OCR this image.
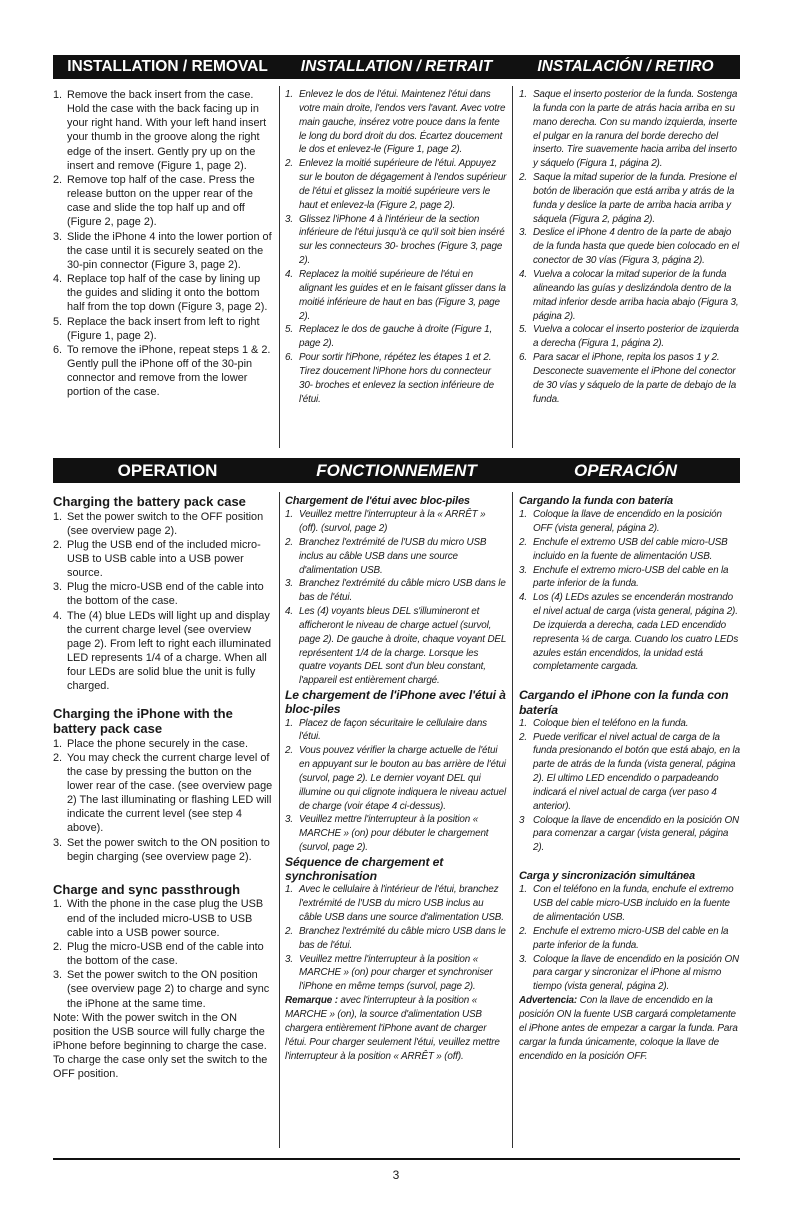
INSTALLATION / REMOVAL	INSTALLATION / RETRAIT	INSTALACIÓN / RETIRO
1. Remove the back insert from the case. Hold the case with the back facing up in your right hand. With your left hand insert your thumb in the groove along the right edge of the insert. Gently pry up on the insert and remove (Figure 1, page 2).
2. Remove top half of the case. Press the release button on the upper rear of the case and slide the top half up and off (Figure 2, page 2).
3. Slide the iPhone 4 into the lower portion of the case until it is securely seated on the 30-pin connector (Figure 3, page 2).
4. Replace top half of the case by lining up the guides and sliding it onto the bottom half from the top down (Figure 3, page 2).
5. Replace the back insert from left to right (Figure 1, page 2).
6. To remove the iPhone, repeat steps 1 & 2. Gently pull the iPhone off of the 30-pin connector and remove from the lower portion of the case.
1. Enlevez le dos de l'étui. Maintenez l'étui dans votre main droite, l'endos vers l'avant. Avec votre main gauche, insérez votre pouce dans la fente le long du bord droit du dos. Écartez doucement le dos et enlevez-le (Figure 1, page 2).
2. Enlevez la moitié supérieure de l'étui. Appuyez sur le bouton de dégagement à l'endos supérieur de l'étui et glissez la moitié supérieure vers le haut et enlevez-la (Figure 2, page 2).
3. Glissez l'iPhone 4 à l'intérieur de la section inférieure de l'étui jusqu'à ce qu'il soit bien inséré sur les connecteurs 30- broches (Figure 3, page 2).
4. Replacez la moitié supérieure de l'étui en alignant les guides et en le faisant glisser dans la moitié inférieure de haut en bas (Figure 3, page 2).
5. Replacez le dos de gauche à droite (Figure 1, page 2).
6. Pour sortir l'iPhone, répétez les étapes 1 et 2. Tirez doucement l'iPhone hors du connecteur 30- broches et enlevez la section inférieure de l'étui.
1. Saque el inserto posterior de la funda. Sostenga la funda con la parte de atrás hacia arriba en su mano derecha. Con su mando izquierda, inserte el pulgar en la ranura del borde derecho del inserto. Tire suavemente hacia arriba del inserto y sáquelo (Figura 1, página 2).
2. Saque la mitad superior de la funda. Presione el botón de liberación que está arriba y atrás de la funda y deslice la parte de arriba hacia arriba y sáquela (Figura 2, página 2).
3. Deslice el iPhone 4 dentro de la parte de abajo de la funda hasta que quede bien colocado en el conector de 30 vías (Figura 3, página 2).
4. Vuelva a colocar la mitad superior de la funda alineando las guías y deslizándola dentro de la mitad inferior desde arriba hacia abajo (Figura 3, página 2).
5. Vuelva a colocar el inserto posterior de izquierda a derecha (Figura 1, página 2).
6. Para sacar el iPhone, repita los pasos 1 y 2. Desconecte suavemente el iPhone del conector de 30 vías y sáquelo de la parte de debajo de la funda.
OPERATION	FONCTIONNEMENT	OPERACIÓN
Charging the battery pack case
1. Set the power switch to the OFF position (see overview page 2).
2. Plug the USB end of the included micro-USB to USB cable into a USB power source.
3. Plug the micro-USB end of the cable into the bottom of the case.
4. The (4) blue LEDs will light up and display the current charge level (see overview page 2). From left to right each illuminated LED represents 1/4 of a charge. When all four LEDs are solid blue the unit is fully charged.
Charging the iPhone with the battery pack case
1. Place the phone securely in the case.
2. You may check the current charge level of the case by pressing the button on the lower rear of the case. (see overview page 2) The last illuminating or flashing LED will indicate the current level (see step 4 above).
3. Set the power switch to the ON position to begin charging (see overview page 2).
Charge and sync passthrough
1. With the phone in the case plug the USB end of the included micro-USB to USB cable into a USB power source.
2. Plug the micro-USB end of the cable into the bottom of the case.
3. Set the power switch to the ON position (see overview page 2) to charge and sync the iPhone at the same time.
Note: With the power switch in the ON position the USB source will fully charge the iPhone before beginning to charge the case. To charge the case only set the switch to the OFF position.
Chargement de l'étui avec bloc-piles
1. Veuillez mettre l'interrupteur à la « ARRÊT » (off). (survol, page 2)
2. Branchez l'extrémité de l'USB du micro USB inclus au câble USB dans une source d'alimentation USB.
3. Branchez l'extrémité du câble micro USB dans le bas de l'étui.
4. Les (4) voyants bleus DEL s'illumineront et afficheront le niveau de charge actuel (survol, page 2). De gauche à droite, chaque voyant DEL représentent 1/4 de la charge. Lorsque les quatre voyants DEL sont d'un bleu constant, l'appareil est entièrement chargé.
Le chargement de l'iPhone avec l'étui à bloc-piles
1. Placez de façon sécuritaire le cellulaire dans l'étui.
2. Vous pouvez vérifier la charge actuelle de l'étui en appuyant sur le bouton au bas arrière de l'étui (survol, page 2). Le dernier voyant DEL qui illumine ou qui clignote indiquera le niveau actuel de charge (voir étape 4 ci-dessus).
3. Veuillez mettre l'interrupteur à la position « MARCHE » (on) pour débuter le chargement (survol, page 2).
Séquence de chargement et synchronisation
1. Avec le cellulaire à l'intérieur de l'étui, branchez l'extrémité de l'USB du micro USB inclus au câble USB dans une source d'alimentation USB.
2. Branchez l'extrémité du câble micro USB dans le bas de l'étui.
3. Veuillez mettre l'interrupteur à la position « MARCHE » (on) pour charger et synchroniser l'iPhone en même temps (survol, page 2).
Remarque : avec l'interrupteur à la position « MARCHE » (on), la source d'alimentation USB chargera entièrement l'iPhone avant de charger l'étui. Pour charger seulement l'étui, veuillez mettre l'interrupteur à la position « ARRÊT » (off).
Cargando la funda con batería
1. Coloque la llave de encendido en la posición OFF (vista general, página 2).
2. Enchufe el extremo USB del cable micro-USB incluido en la fuente de alimentación USB.
3. Enchufe el extremo micro-USB del cable en la parte inferior de la funda.
4. Los (4) LEDs azules se encenderán mostrando el nivel actual de carga (vista general, página 2). De izquierda a derecha, cada LED encendido representa ¼ de carga. Cuando los cuatro LEDs azules están encendidos, la unidad está completamente cargada.
Cargando el iPhone con la funda con batería
1. Coloque bien el teléfono en la funda.
2. Puede verificar el nivel actual de carga de la funda presionando el botón que está abajo, en la parte de atrás de la funda (vista general, página 2). El ultimo LED encendido o parpadeando indicará el nivel actual de carga (ver paso 4 anterior).
3 Coloque la llave de encendido en la posición ON para comenzar a cargar (vista general, página 2).
Carga y sincronización simultánea
1. Con el teléfono en la funda, enchufe el extremo USB del cable micro-USB incluido en la fuente de alimentación USB.
2. Enchufe el extremo micro-USB del cable en la parte inferior de la funda.
3. Coloque la llave de encendido en la posición ON para cargar y sincronizar el iPhone al mismo tiempo (vista general, página 2).
Advertencia: Con la llave de encendido en la posición ON la fuente USB cargará completamente el iPhone antes de empezar a cargar la funda. Para cargar la funda únicamente, coloque la llave de encendido en la posición OFF.
3
